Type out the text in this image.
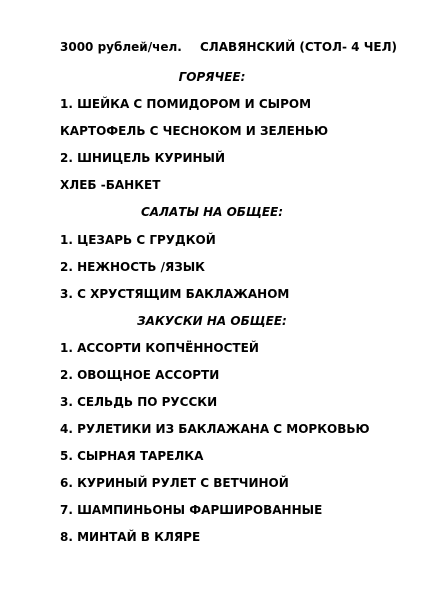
3000 рублей/чел. СЛАВЯНСКИЙ (СТОЛ- 4 ЧЕЛ)
ГОРЯЧЕЕ:
1. ШЕЙКА С ПОМИДОРОМ И СЫРОМ
КАРТОФЕЛЬ С ЧЕСНОКОМ И ЗЕЛЕНЬЮ
2. ШНИЦЕЛЬ КУРИНЫЙ
ХЛЕБ -БАНКЕТ
САЛАТЫ НА ОБЩЕЕ:
1. ЦЕЗАРЬ С ГРУДКОЙ
2. НЕЖНОСТЬ /ЯЗЫК
3. С ХРУСТЯЩИМ БАКЛАЖАНОМ
ЗАКУСКИ НА ОБЩЕЕ:
1. АССОРТИ КОПЧЁННОСТЕЙ
2. ОВОЩНОЕ АССОРТИ
3. СЕЛЬДЬ ПО РУССКИ
4. РУЛЕТИКИ ИЗ БАКЛАЖАНА С МОРКОВЬЮ
5. СЫРНАЯ ТАРЕЛКА
6. КУРИНЫЙ РУЛЕТ С ВЕТЧИНОЙ
7. ШАМПИНЬОНЫ ФАРШИРОВАННЫЕ
8. МИНТАЙ В КЛЯРЕ
